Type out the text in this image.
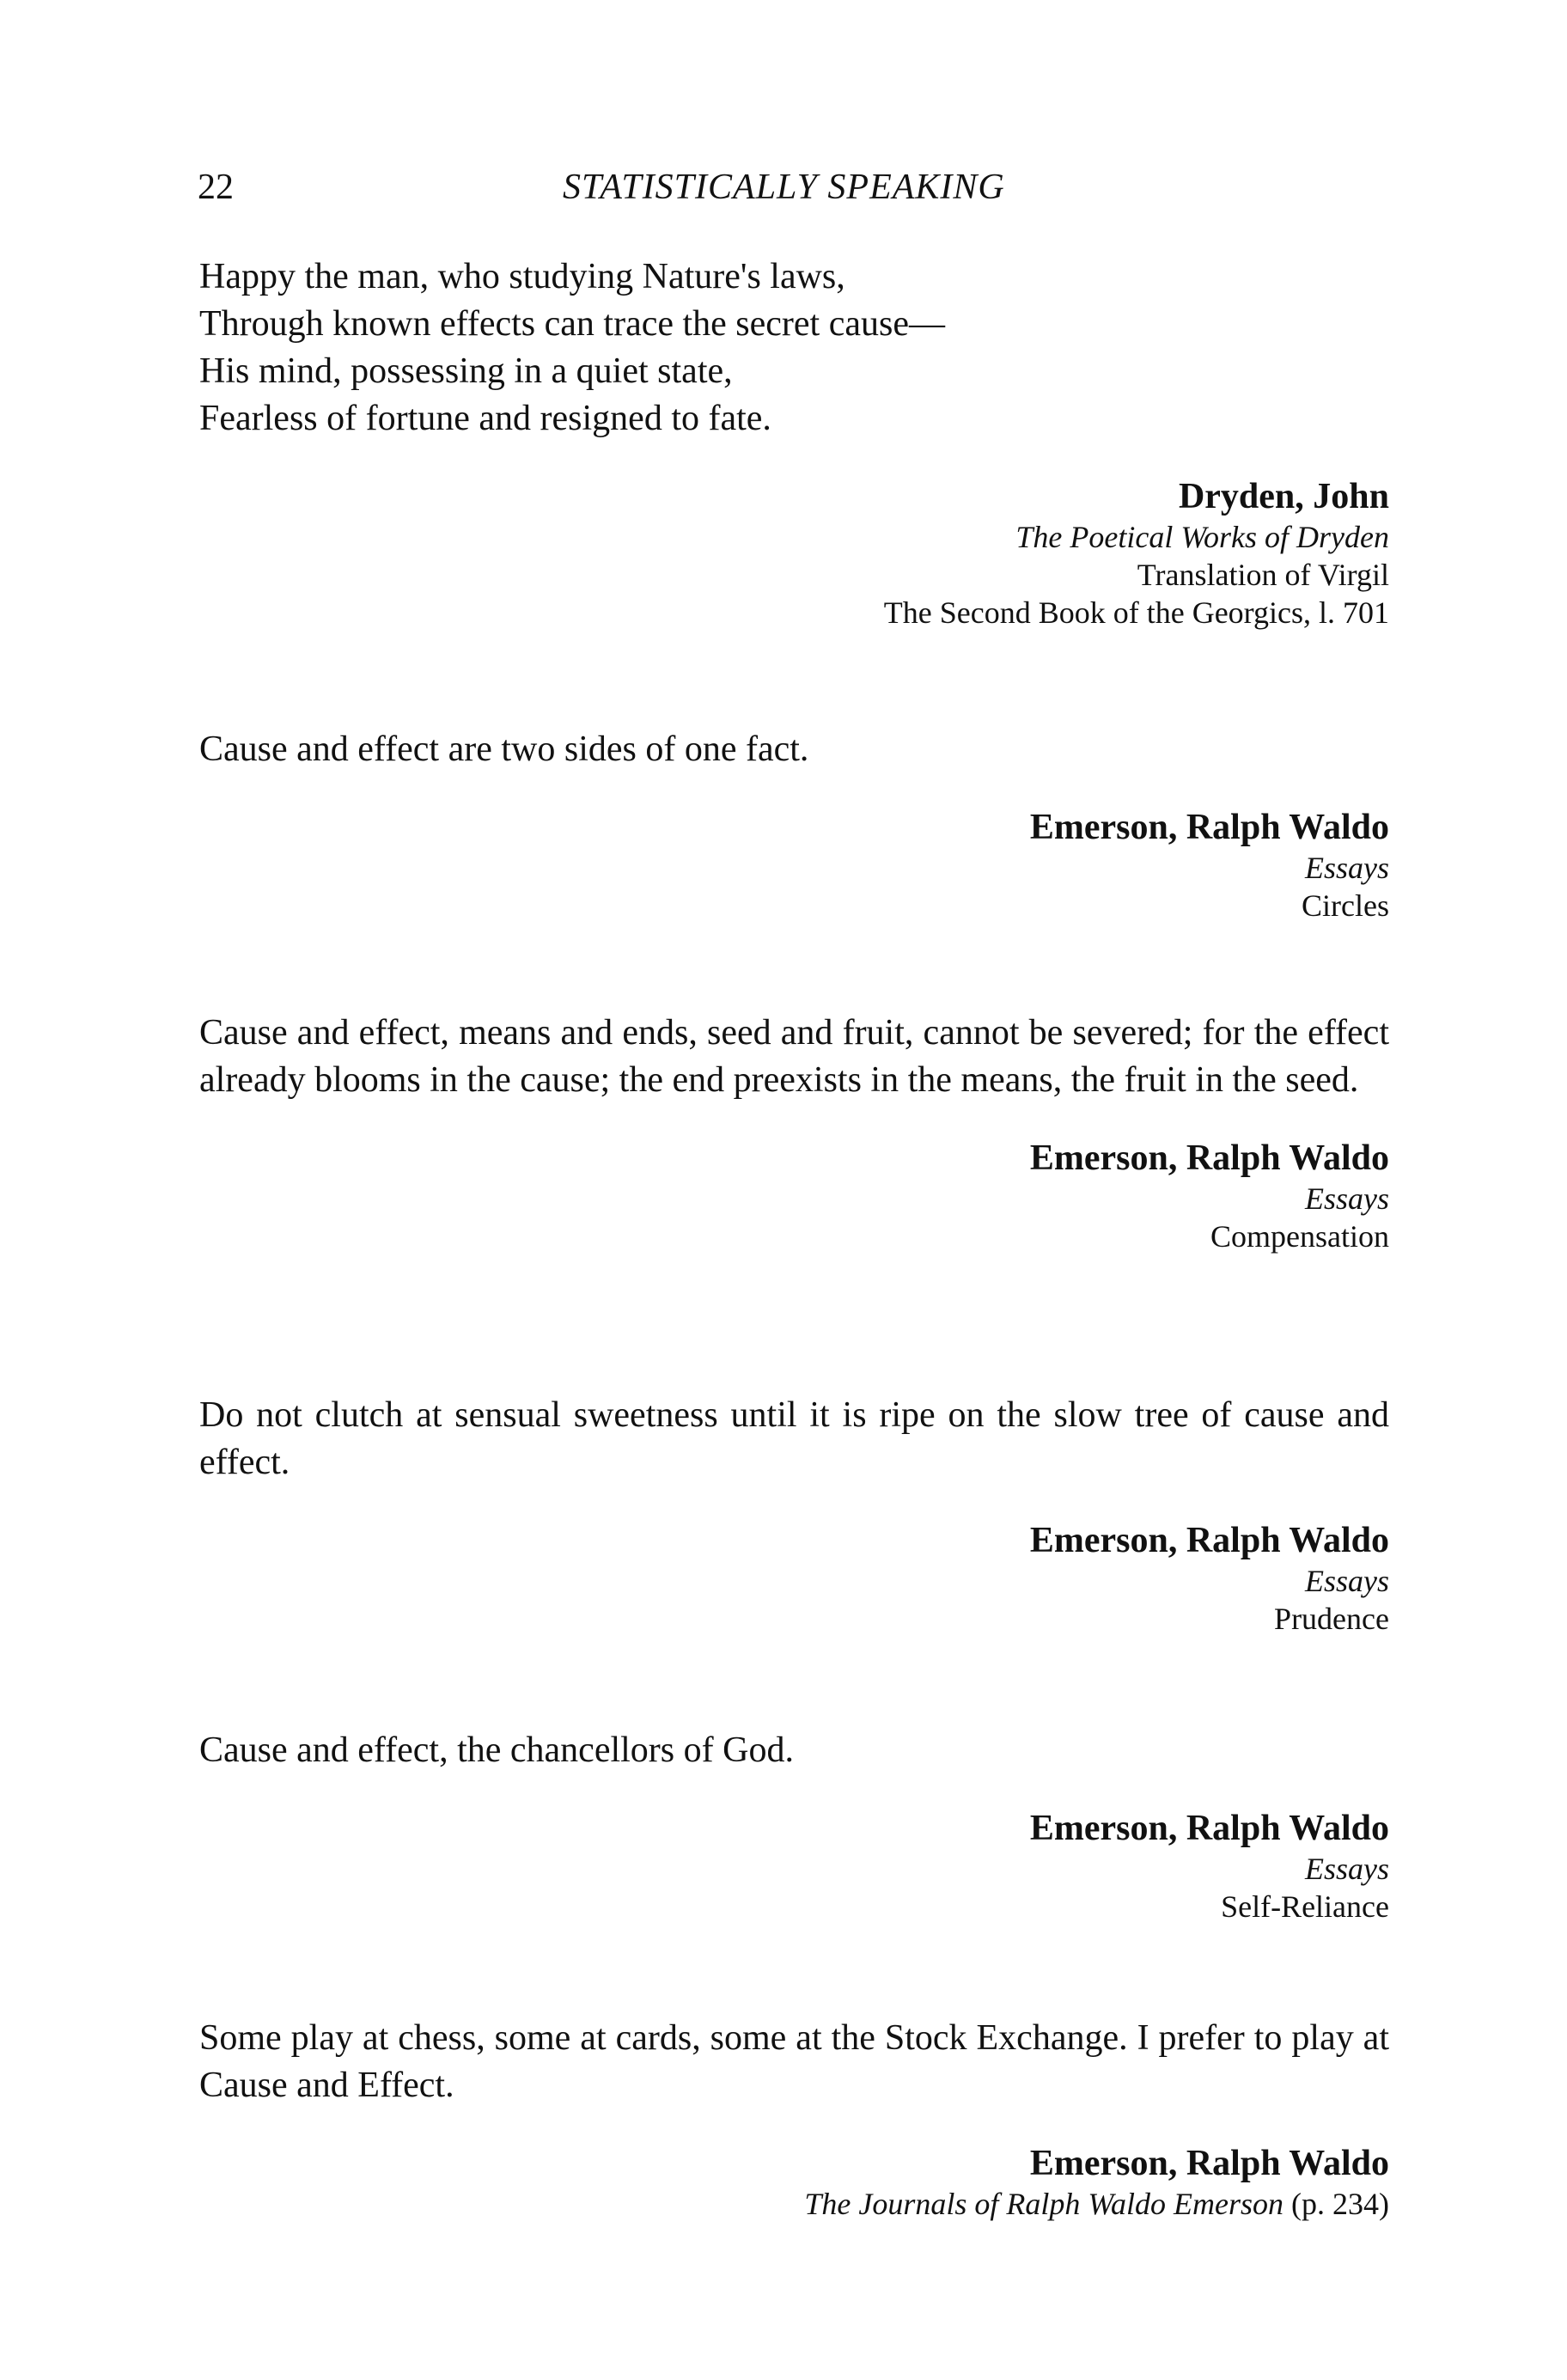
22	STATISTICALLY SPEAKING

Happy the man, who studying Nature's laws,
Through known effects can trace the secret cause—
His mind, possessing in a quiet state,
Fearless of fortune and resigned to fate.

Dryden, John
The Poetical Works of Dryden
Translation of Virgil
The Second Book of the Georgics, l. 701

Cause and effect are two sides of one fact.

Emerson, Ralph Waldo
Essays
Circles

Cause and effect, means and ends, seed and fruit, cannot be severed; for the effect already blooms in the cause; the end preexists in the means, the fruit in the seed.

Emerson, Ralph Waldo
Essays
Compensation

Do not clutch at sensual sweetness until it is ripe on the slow tree of cause and effect.

Emerson, Ralph Waldo
Essays
Prudence

Cause and effect, the chancellors of God.

Emerson, Ralph Waldo
Essays
Self-Reliance

Some play at chess, some at cards, some at the Stock Exchange. I prefer to play at Cause and Effect.

Emerson, Ralph Waldo
The Journals of Ralph Waldo Emerson (p. 234)
